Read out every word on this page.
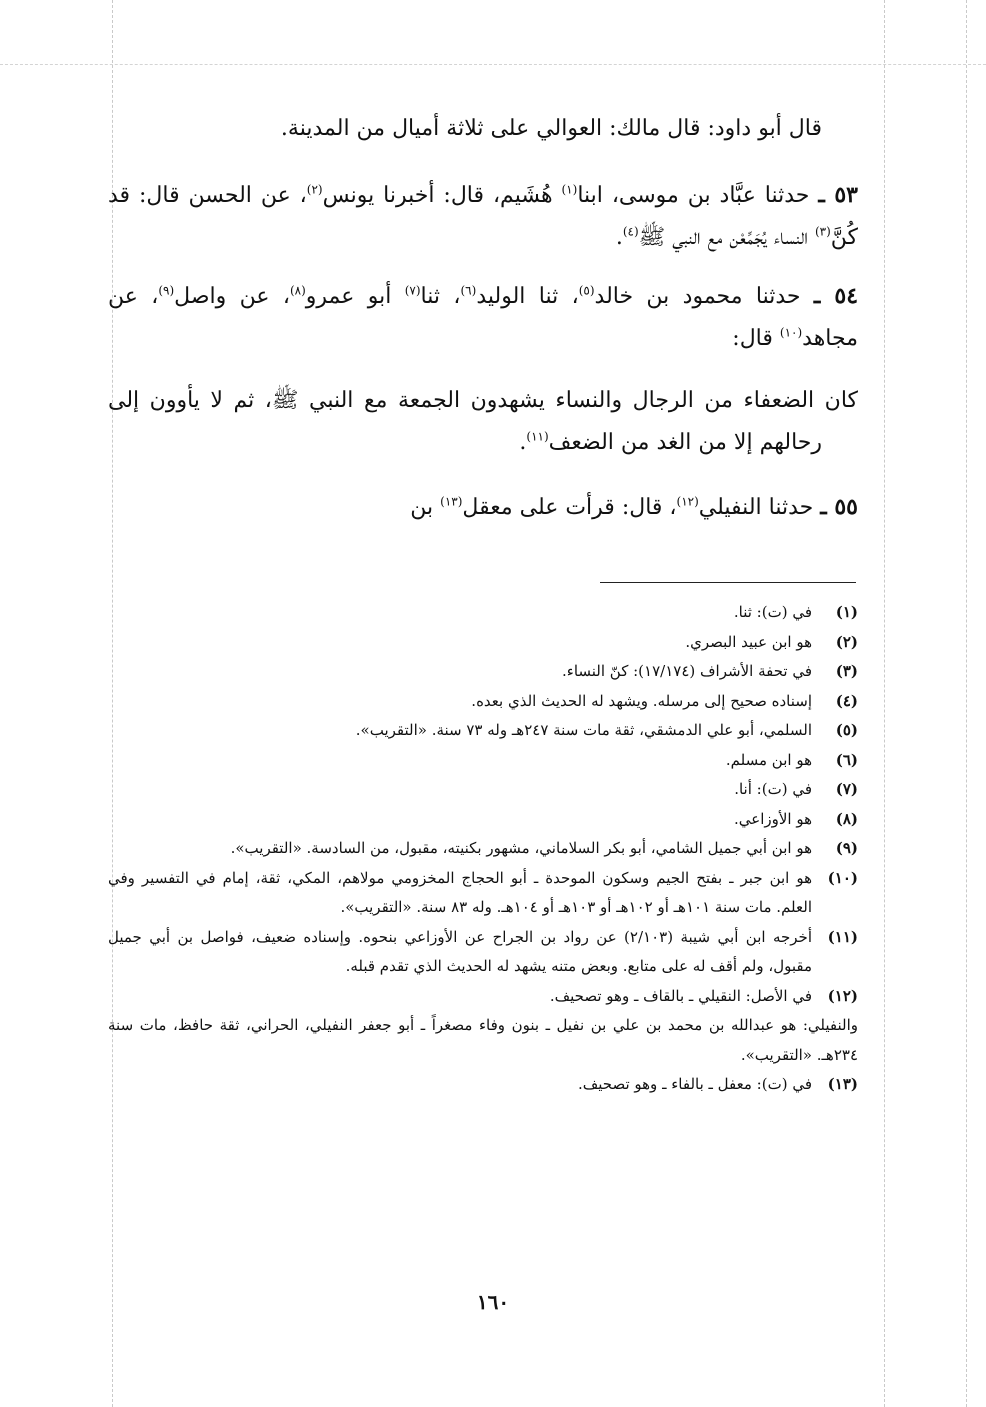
قال أبو داود: قال مالك: العوالي على ثلاثة أميال من المدينة.

٥٣ ـ حدثنا عبَّاد بن موسى، ابنا$^{(١)}$ هُشَيم، قال: أخبرنا يونس$^{(٢)}$، عن الحسن قال: قد كُنَّ$^{(٣)}$ النساء يُجَمِّعْن مع النبي ﷺ$^{(٤)}$.

٥٤ ـ حدثنا محمود بن خالد$^{(٥)}$، ثنا الوليد$^{(٦)}$، ثنا$^{(٧)}$ أبو عمرو$^{(٨)}$، عن واصل$^{(٩)}$، عن مجاهد$^{(١٠)}$ قال:

كان الضعفاء من الرجال والنساء يشهدون الجمعة مع النبي ﷺ، ثم لا يأوون إلى رحالهم إلا من الغد من الضعف$^{(١١)}$.

٥٥ ـ حدثنا النفيلي$^{(١٢)}$، قال: قرأت على معقل$^{(١٣)}$ بن

(١)
في (ت): ثنا.
(٢)
هو ابن عبيد البصري.
(٣)
في تحفة الأشراف (١٧/١٧٤): كنّ النساء.
(٤)
إسناده صحيح إلى مرسله. ويشهد له الحديث الذي بعده.
(٥)
السلمي، أبو علي الدمشقي، ثقة مات سنة ٢٤٧هـ وله ٧٣ سنة. «التقريب».
(٦)
هو ابن مسلم.
(٧)
في (ت): أنا.
(٨)
هو الأوزاعي.
(٩)
هو ابن أبي جميل الشامي، أبو بكر السلاماني، مشهور بكنيته، مقبول، من السادسة. «التقريب».
(١٠)
هو ابن جبر ـ بفتح الجيم وسكون الموحدة ـ أبو الحجاج المخزومي مولاهم، المكي، ثقة، إمام في التفسير وفي العلم. مات سنة ١٠١هـ أو ١٠٢هـ أو ١٠٣هـ أو ١٠٤هـ. وله ٨٣ سنة. «التقريب».
(١١)
أخرجه ابن أبي شيبة (٢/١٠٣) عن رواد بن الجراح عن الأوزاعي بنحوه. وإسناده ضعيف، فواصل بن أبي جميل مقبول، ولم أقف له على متابع. وبعض متنه يشهد له الحديث الذي تقدم قبله.
(١٢)
في الأصل: النقيلي ـ بالقاف ـ وهو تصحيف.
والنفيلي: هو عبدالله بن محمد بن علي بن نفيل ـ بنون وفاء مصغراً ـ أبو جعفر النفيلي، الحراني، ثقة حافظ، مات سنة ٢٣٤هـ. «التقريب».
(١٣)
في (ت): معفل ـ بالفاء ـ وهو تصحيف.
١٦٠
